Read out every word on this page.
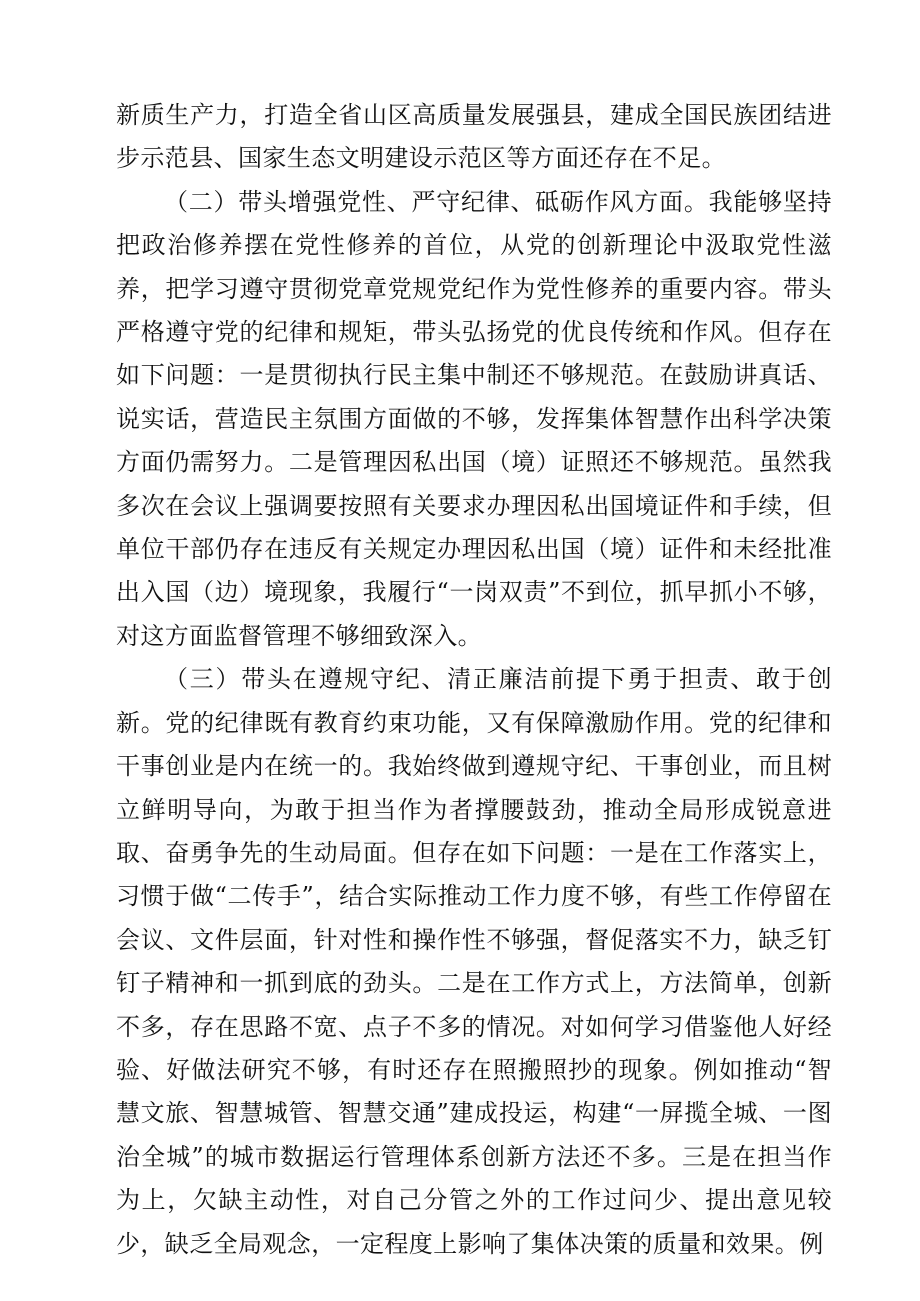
新质生产力，打造全省山区高质量发展强县，建成全国民族团结进步示范县、国家生态文明建设示范区等方面还存在不足。

（二）带头增强党性、严守纪律、砥砺作风方面。我能够坚持把政治修养摆在党性修养的首位，从党的创新理论中汲取党性滋养，把学习遵守贯彻党章党规党纪作为党性修养的重要内容。带头严格遵守党的纪律和规矩，带头弘扬党的优良传统和作风。但存在如下问题：一是贯彻执行民主集中制还不够规范。在鼓励讲真话、说实话，营造民主氛围方面做的不够，发挥集体智慧作出科学决策方面仍需努力。二是管理因私出国（境）证照还不够规范。虽然我多次在会议上强调要按照有关要求办理因私出国境证件和手续，但单位干部仍存在违反有关规定办理因私出国（境）证件和未经批准出入国（边）境现象，我履行“一岗双责”不到位，抓早抓小不够，对这方面监督管理不够细致深入。

（三）带头在遵规守纪、清正廉洁前提下勇于担责、敢于创新。党的纪律既有教育约束功能，又有保障激励作用。党的纪律和干事创业是内在统一的。我始终做到遵规守纪、干事创业，而且树立鲜明导向，为敢于担当作为者撑腰鼓劲，推动全局形成锐意进取、奋勇争先的生动局面。但存在如下问题：一是在工作落实上，习惯于做“二传手”，结合实际推动工作力度不够，有些工作停留在会议、文件层面，针对性和操作性不够强，督促落实不力，缺乏钉钉子精神和一抓到底的劲头。二是在工作方式上，方法简单，创新不多，存在思路不宽、点子不多的情况。对如何学习借鉴他人好经验、好做法研究不够，有时还存在照搬照抄的现象。例如推动“智慧文旅、智慧城管、智慧交通”建成投运，构建“一屏揽全城、一图治全城”的城市数据运行管理体系创新方法还不多。三是在担当作为上，欠缺主动性，对自己分管之外的工作过问少、提出意见较少，缺乏全局观念，一定程度上影响了集体决策的质量和效果。例
